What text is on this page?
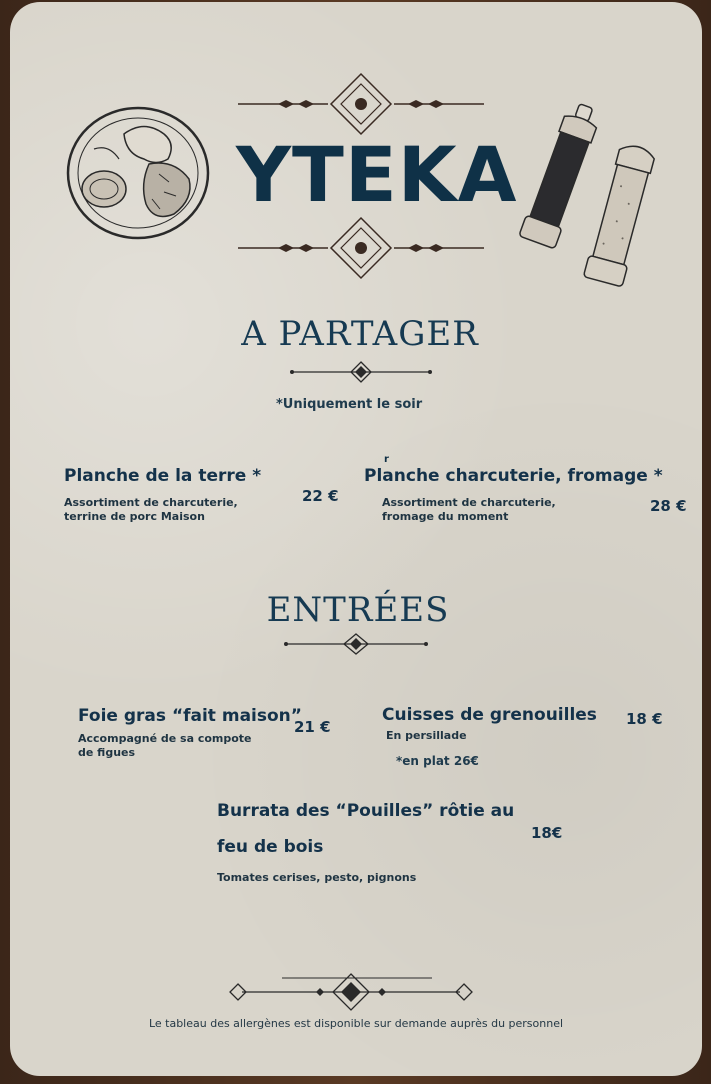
YTEKA
A PARTAGER
*Uniquement le soir
r
Planche de la terre *
Assortiment de charcuterie, terrine de porc Maison
22 €
Planche charcuterie, fromage *
Assortiment de charcuterie, fromage du moment
28 €
ENTRÉES
Foie gras “fait maison”
Accompagné de sa compote de figues
21 €
Cuisses de grenouilles
En persillade
*en plat 26€
18 €
Burrata des “Pouilles” rôtie au
feu de bois
Tomates cerises, pesto, pignons
18€
Le tableau des allergènes est disponible sur demande auprès du personnel
